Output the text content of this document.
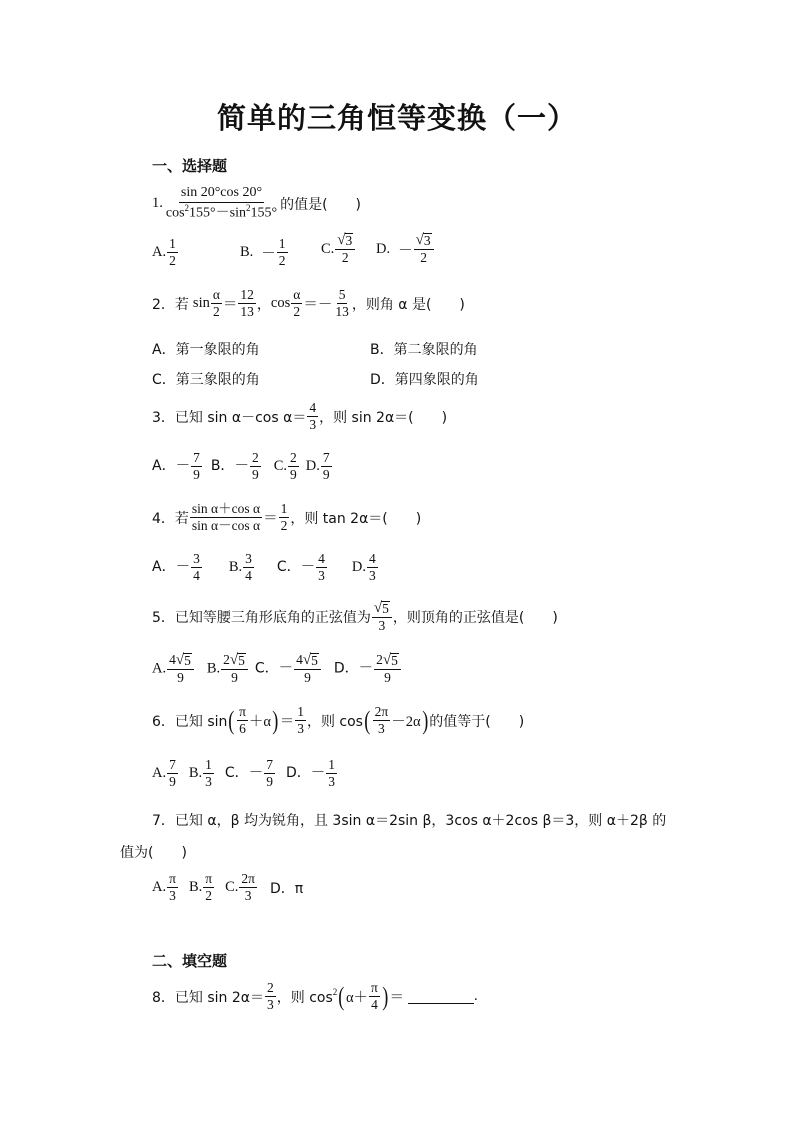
简单的三角恒等变换（一）
一、选择题
1. $\frac{\sin 20^\circ\cos 20^\circ}{\cos^2155^\circ-\sin^2155^\circ}$ 的值是(　　)
A. $\frac{1}{2}$	B. － $\frac{1}{2} C$. $\frac{√ 3}{2} D$. － $\frac{√ 3}{2}$
2．若 $\sin \frac{\alpha}{2} = \frac{12}{13}$ ， $\cos \frac{\alpha}{2} =- \frac{5}{13}$ ，则角 α 是(　　)
A．第一象限的角	B．第二象限的角
C．第三象限的角	D．第四象限的角
3．已知 sin α－cos $\alpha= \frac{4}{3}$ ，则 sin 2α＝(　　)
A．－ $\frac{7}{9}$ B．－ $\frac{2}{9} C$. $\frac{2}{9} D$. $\frac{7}{9}$
4．若 $\frac{\text{sin α＋cos α}}{\text{sin α－cos α}} = \frac{1}{2}$ ，则 tan 2α＝(　　)
A．－ $\frac{3}{4} B$. $\frac{3}{4}$ C．－ $\frac{4}{3} D$. $\frac{4}{3}$
5．已知等腰三角形底角的正弦值为 $\frac{√ 5}{3}$ ，则顶角的正弦值是(　　)
A. $\frac{4 √ 5}{9} B$. $\frac{2 √ 5}{9}$ C．－ $\frac{4 √ 5}{9}$ D．－ $\frac{2 √ 5}{9}$
6．已知 sin ( $\frac{\pi}{6} +\alpha$ ) ＝ $\frac{1}{3}$ ，则 cos ( $\frac{2\pi}{3} -2\alpha$ ) 的值等于(　　)
A. $\frac{7}{9} B$. $\frac{1}{3}$ C．－ $\frac{7}{9}$ D．－ $\frac{1}{3}$
7．已知 α，β 均为锐角，且 3sin α＝2sin β，3cos α＋2cos β＝3，则 α＋2β 的
值为(　　)
A. $\frac{\pi}{3} B$. $\frac{\pi}{2} C$. $\frac{2\pi}{3}$ D．π
二、填空题
8．已知 $\sin 2\alpha= \frac{2}{3}$ ，则 $\cos^2$ ( $\alpha+ \frac{\pi}{4}$ ) ＝	.
